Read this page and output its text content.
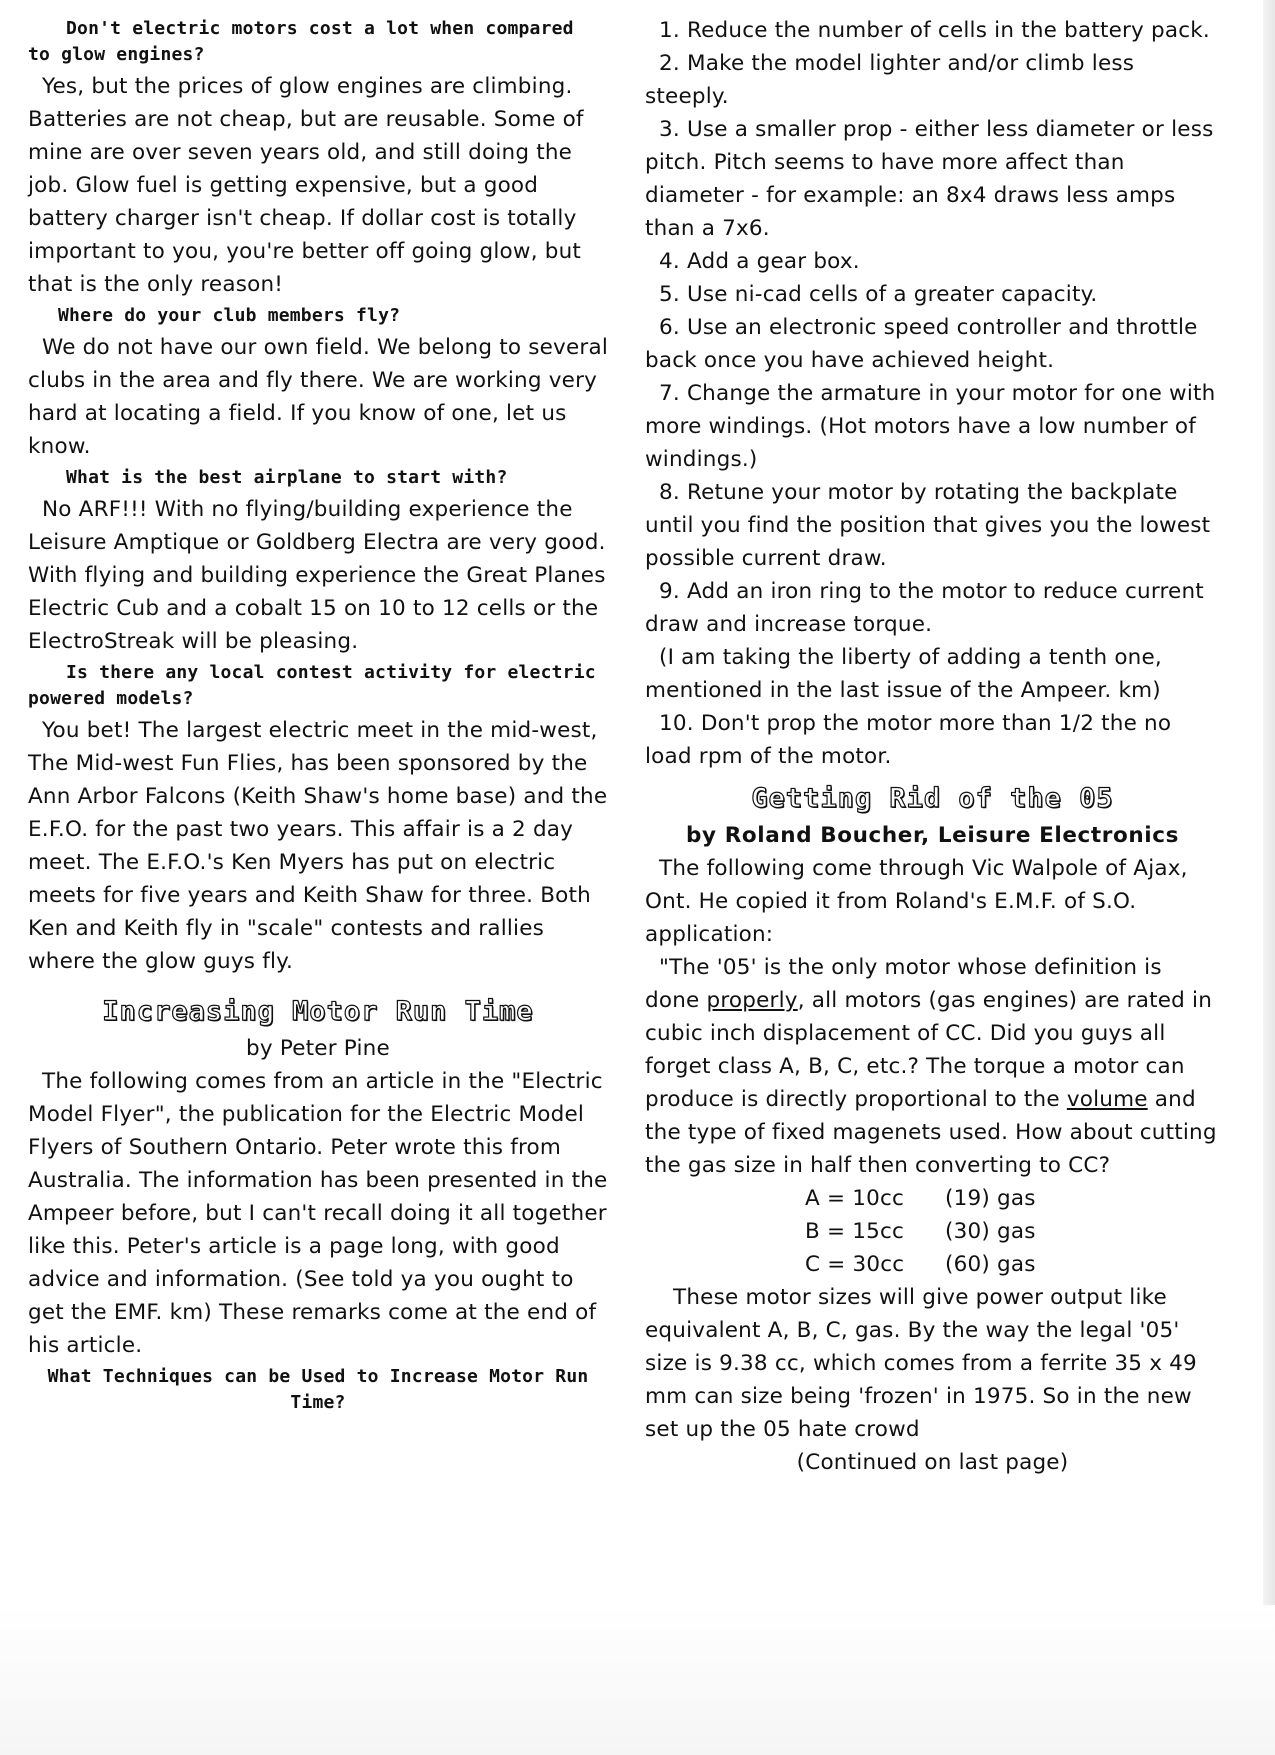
Don't electric motors cost a lot when compared
to glow engines?

Yes, but the prices of glow engines are climbing. Batteries are not cheap, but are reusable. Some of mine are over seven years old, and still doing the job. Glow fuel is getting expensive, but a good battery charger isn't cheap. If dollar cost is totally important to you, you're better off going glow, but that is the only reason!

Where do your club members fly?

We do not have our own field. We belong to several clubs in the area and fly there. We are working very hard at locating a field. If you know of one, let us know.

What is the best airplane to start with?

No ARF!!! With no flying/building experience the Leisure Amptique or Goldberg Electra are very good. With flying and building experience the Great Planes Electric Cub and a cobalt 15 on 10 to 12 cells or the ElectroStreak will be pleasing.

Is there any local contest activity for electric
powered models?

You bet! The largest electric meet in the mid-west, The Mid-west Fun Flies, has been sponsored by the Ann Arbor Falcons (Keith Shaw's home base) and the E.F.O. for the past two years. This affair is a 2 day meet. The E.F.O.'s Ken Myers has put on electric meets for five years and Keith Shaw for three. Both Ken and Keith fly in "scale" contests and rallies where the glow guys fly.

Increasing Motor Run Time

by Peter Pine

The following comes from an article in the "Electric Model Flyer", the publication for the Electric Model Flyers of Southern Ontario. Peter wrote this from Australia. The information has been presented in the Ampeer before, but I can't recall doing it all together like this. Peter's article is a page long, with good advice and information. (See told ya you ought to get the EMF. km) These remarks come at the end of his article.

What Techniques can be Used to Increase Motor Run Time?

1. Reduce the number of cells in the battery pack.

2. Make the model lighter and/or climb less steeply.

3. Use a smaller prop - either less diameter or less pitch. Pitch seems to have more affect than diameter - for example: an 8x4 draws less amps than a 7x6.

4. Add a gear box.

5. Use ni-cad cells of a greater capacity.

6. Use an electronic speed controller and throttle back once you have achieved height.

7. Change the armature in your motor for one with more windings. (Hot motors have a low number of windings.)

8. Retune your motor by rotating the backplate until you find the position that gives you the lowest possible current draw.

9. Add an iron ring to the motor to reduce current draw and increase torque.

(I am taking the liberty of adding a tenth one, mentioned in the last issue of the Ampeer. km)

10. Don't prop the motor more than 1/2 the no load rpm of the motor.

Getting Rid of the 05

by Roland Boucher, Leisure Electronics

The following come through Vic Walpole of Ajax, Ont. He copied it from Roland's E.M.F. of S.O. application:

"The '05' is the only motor whose definition is done properly, all motors (gas engines) are rated in cubic inch displacement of CC. Did you guys all forget class A, B, C, etc.? The torque a motor can produce is directly proportional to the volume and the type of fixed magenets used. How about cutting the gas size in half then converting to CC?

A = 10cc	(19) gas
B = 15cc	(30) gas
C = 30cc	(60) gas

These motor sizes will give power output like equivalent A, B, C, gas. By the way the legal '05' size is 9.38 cc, which comes from a ferrite 35 x 49 mm can size being 'frozen' in 1975. So in the new set up the 05 hate crowd

(Continued on last page)
